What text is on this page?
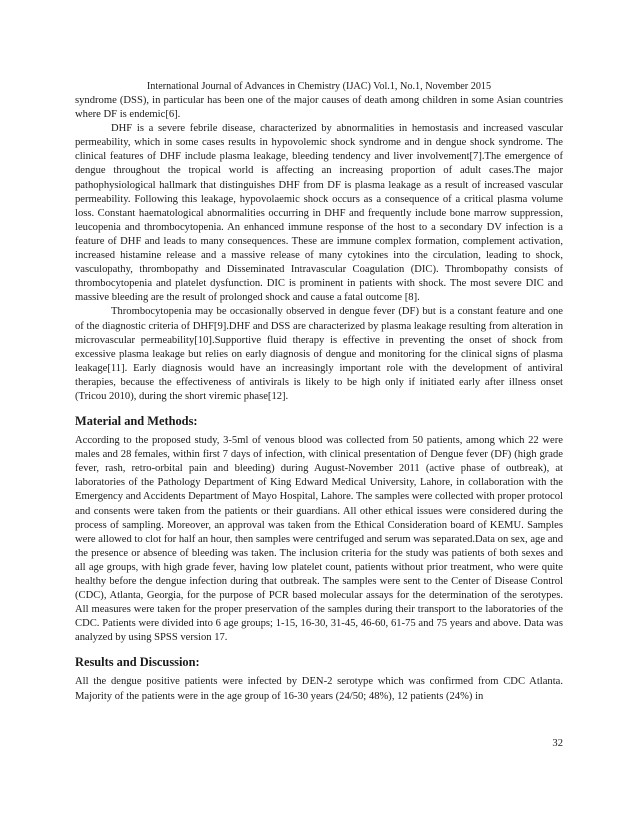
International Journal of Advances in Chemistry (IJAC) Vol.1, No.1, November 2015

syndrome (DSS), in particular has been one of the major causes of death among children in some Asian countries where DF is endemic[6].

DHF is a severe febrile disease, characterized by abnormalities in hemostasis and increased vascular permeability, which in some cases results in hypovolemic shock syndrome and in dengue shock syndrome. The clinical features of DHF include plasma leakage, bleeding tendency and liver involvement[7].The emergence of dengue throughout the tropical world is affecting an increasing proportion of adult cases.The major pathophysiological hallmark that distinguishes DHF from DF is plasma leakage as a result of increased vascular permeability. Following this leakage, hypovolaemic shock occurs as a consequence of a critical plasma volume loss. Constant haematological abnormalities occurring in DHF and frequently include bone marrow suppression, leucopenia and thrombocytopenia. An enhanced immune response of the host to a secondary DV infection is a feature of DHF and leads to many consequences. These are immune complex formation, complement activation, increased histamine release and a massive release of many cytokines into the circulation, leading to shock, vasculopathy, thrombopathy and Disseminated Intravascular Coagulation (DIC). Thrombopathy consists of thrombocytopenia and platelet dysfunction. DIC is prominent in patients with shock. The most severe DIC and massive bleeding are the result of prolonged shock and cause a fatal outcome [8].

Thrombocytopenia may be occasionally observed in dengue fever (DF) but is a constant feature and one of the diagnostic criteria of DHF[9].DHF and DSS are characterized by plasma leakage resulting from alteration in microvascular permeability[10].Supportive fluid therapy is effective in preventing the onset of shock from excessive plasma leakage but relies on early diagnosis of dengue and monitoring for the clinical signs of plasma leakage[11]. Early diagnosis would have an increasingly important role with the development of antiviral therapies, because the effectiveness of antivirals is likely to be high only if initiated early after illness onset (Tricou 2010), during the short viremic phase[12].

Material and Methods:

According to the proposed study, 3-5ml of venous blood was collected from 50 patients, among which 22 were males and 28 females, within first 7 days of infection, with clinical presentation of Dengue fever (DF) (high grade fever, rash, retro-orbital pain and bleeding) during August-November 2011 (active phase of outbreak), at laboratories of the Pathology Department of King Edward Medical University, Lahore, in collaboration with the Emergency and Accidents Department of Mayo Hospital, Lahore. The samples were collected with proper protocol and consents were taken from the patients or their guardians. All other ethical issues were considered during the process of sampling. Moreover, an approval was taken from the Ethical Consideration board of KEMU. Samples were allowed to clot for half an hour, then samples were centrifuged and serum was separated.Data on sex, age and the presence or absence of bleeding was taken. The inclusion criteria for the study was patients of both sexes and all age groups, with high grade fever, having low platelet count, patients without prior treatment, who were quite healthy before the dengue infection during that outbreak. The samples were sent to the Center of Disease Control (CDC), Atlanta, Georgia, for the purpose of PCR based molecular assays for the determination of the serotypes. All measures were taken for the proper preservation of the samples during their transport to the laboratories of the CDC. Patients were divided into 6 age groups; 1-15, 16-30, 31-45, 46-60, 61-75 and 75 years and above. Data was analyzed by using SPSS version 17.

Results and Discussion:

All the dengue positive patients were infected by DEN-2 serotype which was confirmed from CDC Atlanta. Majority of the patients were in the age group of 16-30 years (24/50; 48%), 12 patients (24%) in

32
